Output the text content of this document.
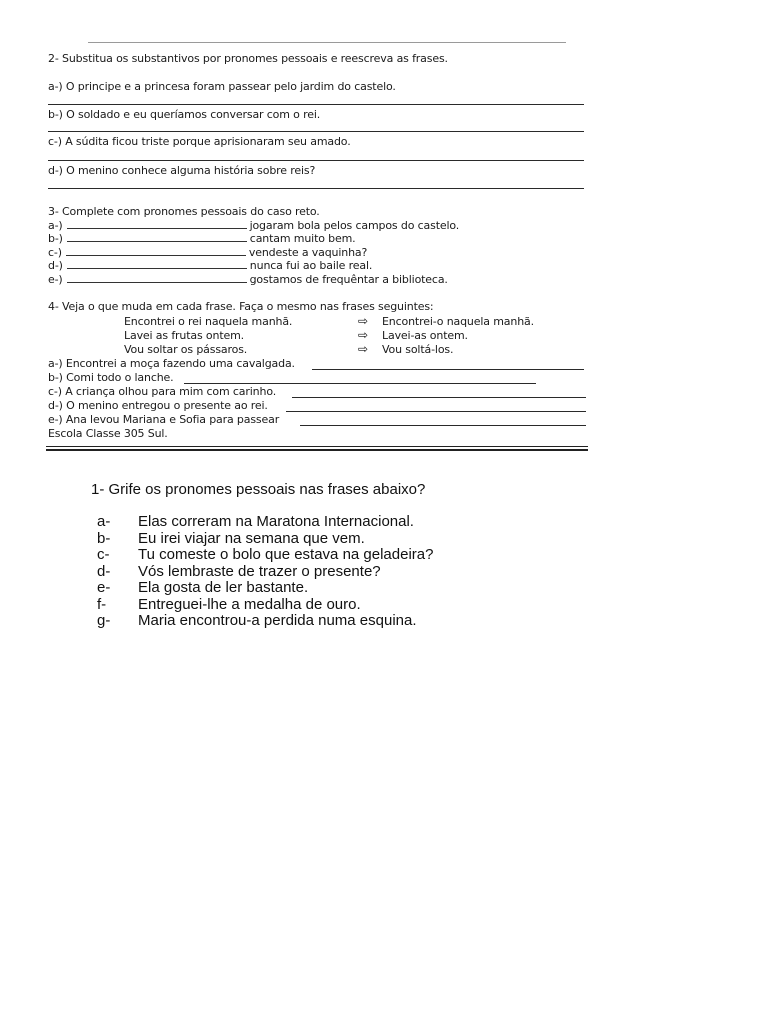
2- Substitua os substantivos por pronomes pessoais e reescreva as frases.
a-) O principe e a princesa foram passear pelo jardim do castelo.
b-) O soldado e eu queríamos conversar com o rei.
c-) A súdita ficou triste porque aprisionaram seu amado.
d-) O menino conhece alguma história sobre reis?
3- Complete com pronomes pessoais do caso reto.
a-)	jogaram bola pelos campos do castelo.
b-)	cantam muito bem.
c-)	vendeste a vaquinha?
d-)	nunca fui ao baile real.
e-)	gostamos de frequêntar a biblioteca.
4- Veja o que muda em cada frase. Faça o mesmo nas frases seguintes:
Encontrei o rei naquela manhã.	⇨ Encontrei-o naquela manhã.
Lavei as frutas ontem.	⇨ Lavei-as ontem.
Vou soltar os pássaros.	⇨ Vou soltá-los.
a-) Encontrei a moça fazendo uma cavalgada.
b-) Comi todo o lanche.
c-) A criança olhou para mim com carinho.
d-) O menino entregou o presente ao rei.
e-) Ana levou Mariana e Sofia para passear
Escola Classe 305 Sul.
1- Grife os pronomes pessoais nas frases abaixo?
a- Elas correram na Maratona Internacional.
b- Eu irei viajar na semana que vem.
c- Tu comeste o bolo que estava na geladeira?
d- Vós lembraste de trazer o presente?
e- Ela gosta de ler bastante.
f- Entreguei-lhe a medalha de ouro.
g- Maria encontrou-a perdida numa esquina.
